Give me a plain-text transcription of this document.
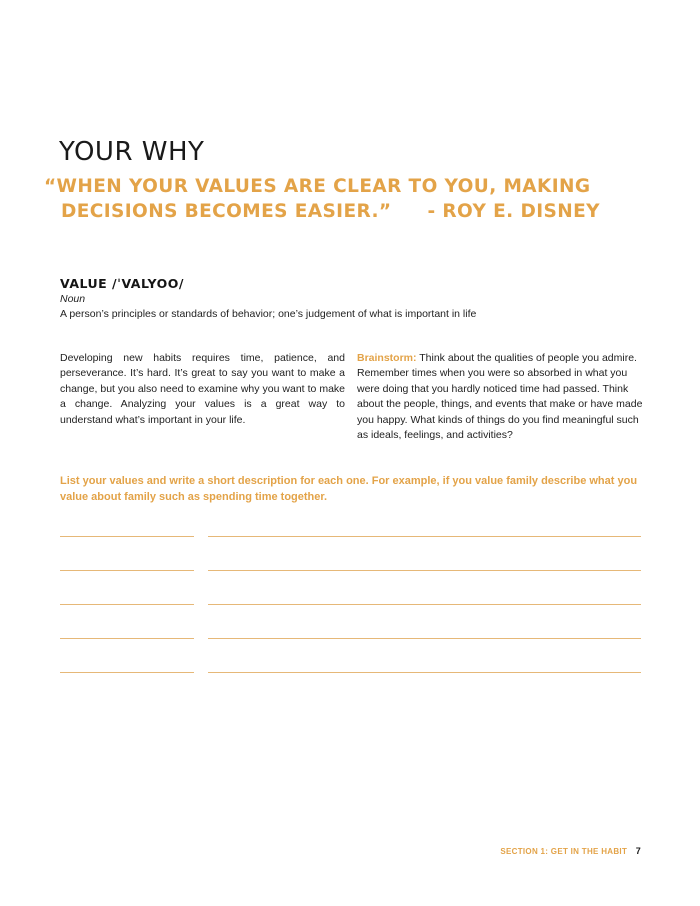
YOUR WHY
“WHEN YOUR VALUES ARE CLEAR TO YOU, MAKING
DECISIONS BECOMES EASIER.” - ROY E. DISNEY
VALUE /ˈVALYOO/
Noun
A person’s principles or standards of behavior; one’s judgement of what is important in life
Developing new habits requires time, patience, and perseverance. It’s hard. It’s great to say you want to make a change, but you also need to examine why you want to make a change. Analyzing your values is a great way to understand what’s important in your life.
Brainstorm: Think about the qualities of people you admire. Remember times when you were so absorbed in what you were doing that you hardly noticed time had passed. Think about the people, things, and events that make or have made you happy. What kinds of things do you find meaningful such as ideals, feelings, and activities?
List your values and write a short description for each one. For example, if you value family describe what you value about family such as spending time together.
SECTION 1: GET IN THE HABIT 7
